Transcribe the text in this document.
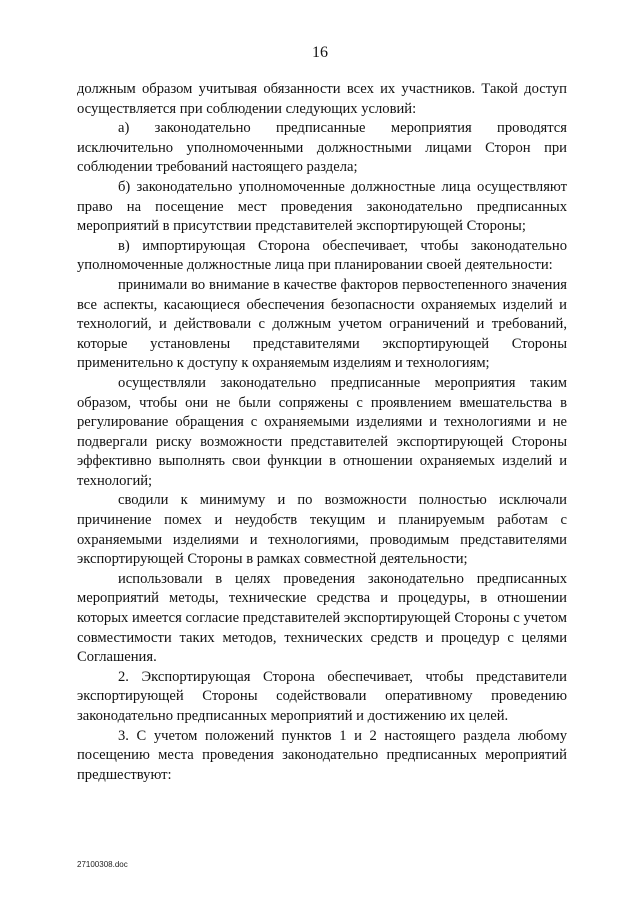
16

должным образом учитывая обязанности всех их участников. Такой доступ осуществляется при соблюдении следующих условий:

а) законодательно предписанные мероприятия проводятся исключительно уполномоченными должностными лицами Сторон при соблюдении требований настоящего раздела;

б) законодательно уполномоченные должностные лица осуществляют право на посещение мест проведения законодательно предписанных мероприятий в присутствии представителей экспортирующей Стороны;

в) импортирующая Сторона обеспечивает, чтобы законодательно уполномоченные должностные лица при планировании своей деятельности:

принимали во внимание в качестве факторов первостепенного значения все аспекты, касающиеся обеспечения безопасности охраняемых изделий и технологий, и действовали с должным учетом ограничений и требований, которые установлены представителями экспортирующей Стороны применительно к доступу к охраняемым изделиям и технологиям;

осуществляли законодательно предписанные мероприятия таким образом, чтобы они не были сопряжены с проявлением вмешательства в регулирование обращения с охраняемыми изделиями и технологиями и не подвергали риску возможности представителей экспортирующей Стороны эффективно выполнять свои функции в отношении охраняемых изделий и технологий;

сводили к минимуму и по возможности полностью исключали причинение помех и неудобств текущим и планируемым работам с охраняемыми изделиями и технологиями, проводимым представителями экспортирующей Стороны в рамках совместной деятельности;

использовали в целях проведения законодательно предписанных мероприятий методы, технические средства и процедуры, в отношении которых имеется согласие представителей экспортирующей Стороны с учетом совместимости таких методов, технических средств и процедур с целями Соглашения.

2. Экспортирующая Сторона обеспечивает, чтобы представители экспортирующей Стороны содействовали оперативному проведению законодательно предписанных мероприятий и достижению их целей.

3. С учетом положений пунктов 1 и 2 настоящего раздела любому посещению места проведения законодательно предписанных мероприятий предшествуют:

27100308.doc
